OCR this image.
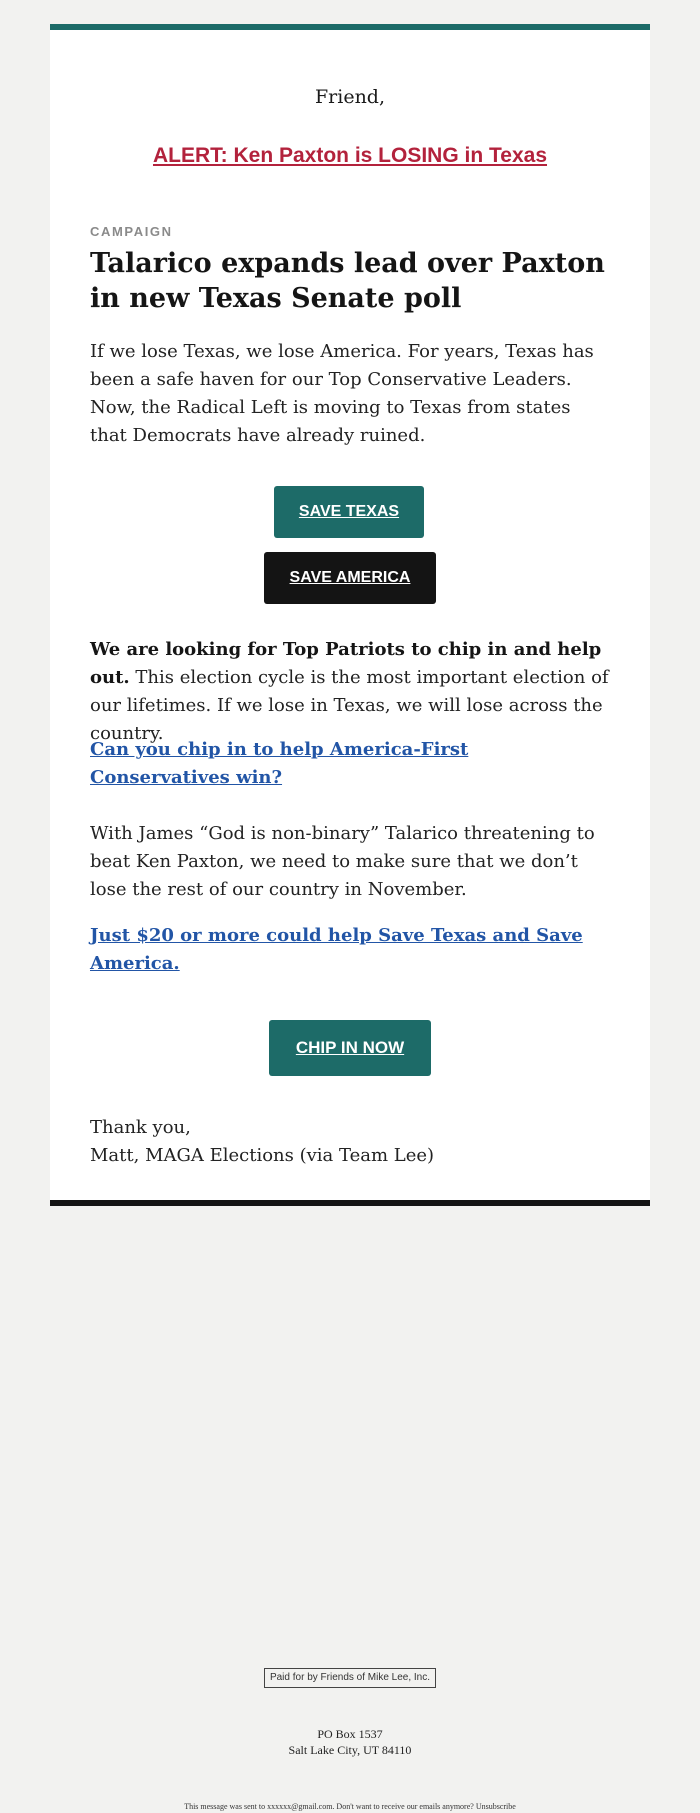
Friend,

ALERT: Ken Paxton is LOSING in Texas

CAMPAIGN

Talarico expands lead over Paxton in new Texas Senate poll

If we lose Texas, we lose America. For years, Texas has been a safe haven for our Top Conservative Leaders. Now, the Radical Left is moving to Texas from states that Democrats have already ruined.

SAVE TEXAS
SAVE AMERICA

We are looking for Top Patriots to chip in and help out. This election cycle is the most important election of our lifetimes. If we lose in Texas, we will lose across the country.

Can you chip in to help America-First Conservatives win?

With James “God is non-binary” Talarico threatening to beat Ken Paxton, we need to make sure that we don’t lose the rest of our country in November.

Just $20 or more could help Save Texas and Save America.
CHIP IN NOW

Thank you,
Matt, MAGA Elections (via Team Lee)

Paid for by Friends of Mike Lee, Inc.

PO Box 1537
Salt Lake City, UT 84110

This message was sent to xxxxxx@gmail.com. Don't want to receive our emails anymore? Unsubscribe
